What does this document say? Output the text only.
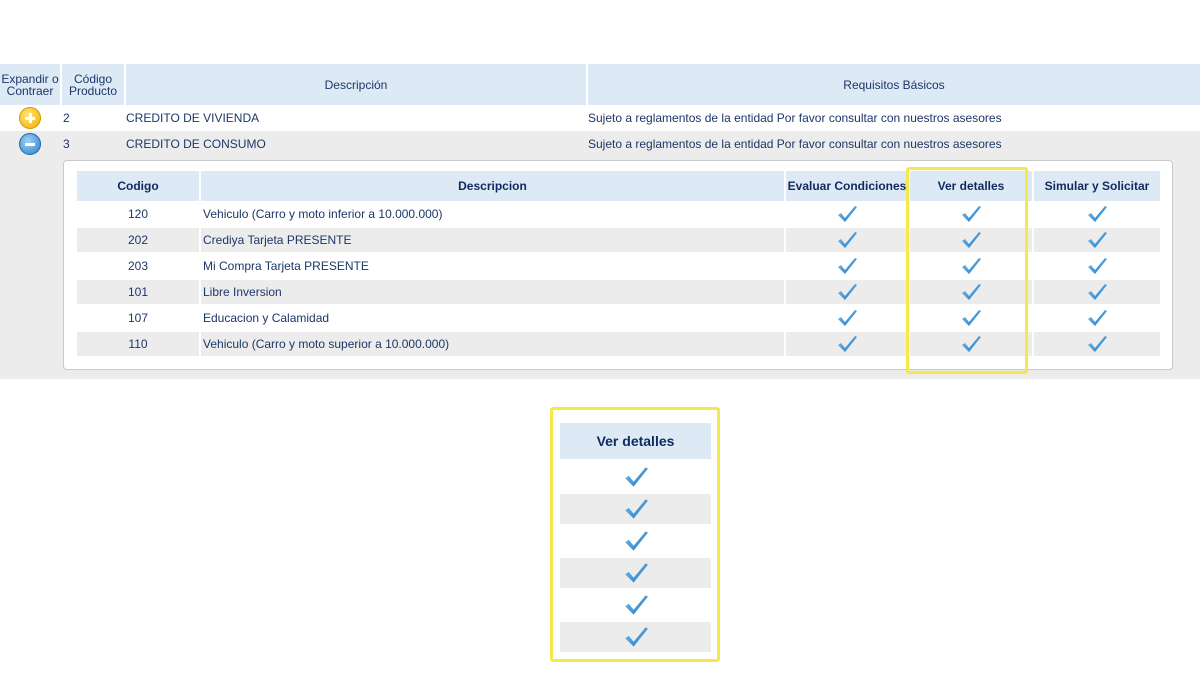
Expandir o Contraer
Código Producto	Descripción	Requisitos Básicos
2	CREDITO DE VIVIENDA	Sujeto a reglamentos de la entidad Por favor consultar con nuestros asesores
3	CREDITO DE CONSUMO	Sujeto a reglamentos de la entidad Por favor consultar con nuestros asesores
Codigo	Descripcion	Evaluar Condiciones	Ver detalles	Simular y Solicitar
120	Vehiculo (Carro y moto inferior a 10.000.000)
202	Crediya Tarjeta PRESENTE
203	Mi Compra Tarjeta PRESENTE
101	Libre Inversion
107	Educacion y Calamidad
110	Vehiculo (Carro y moto superior a 10.000.000)
Ver detalles
